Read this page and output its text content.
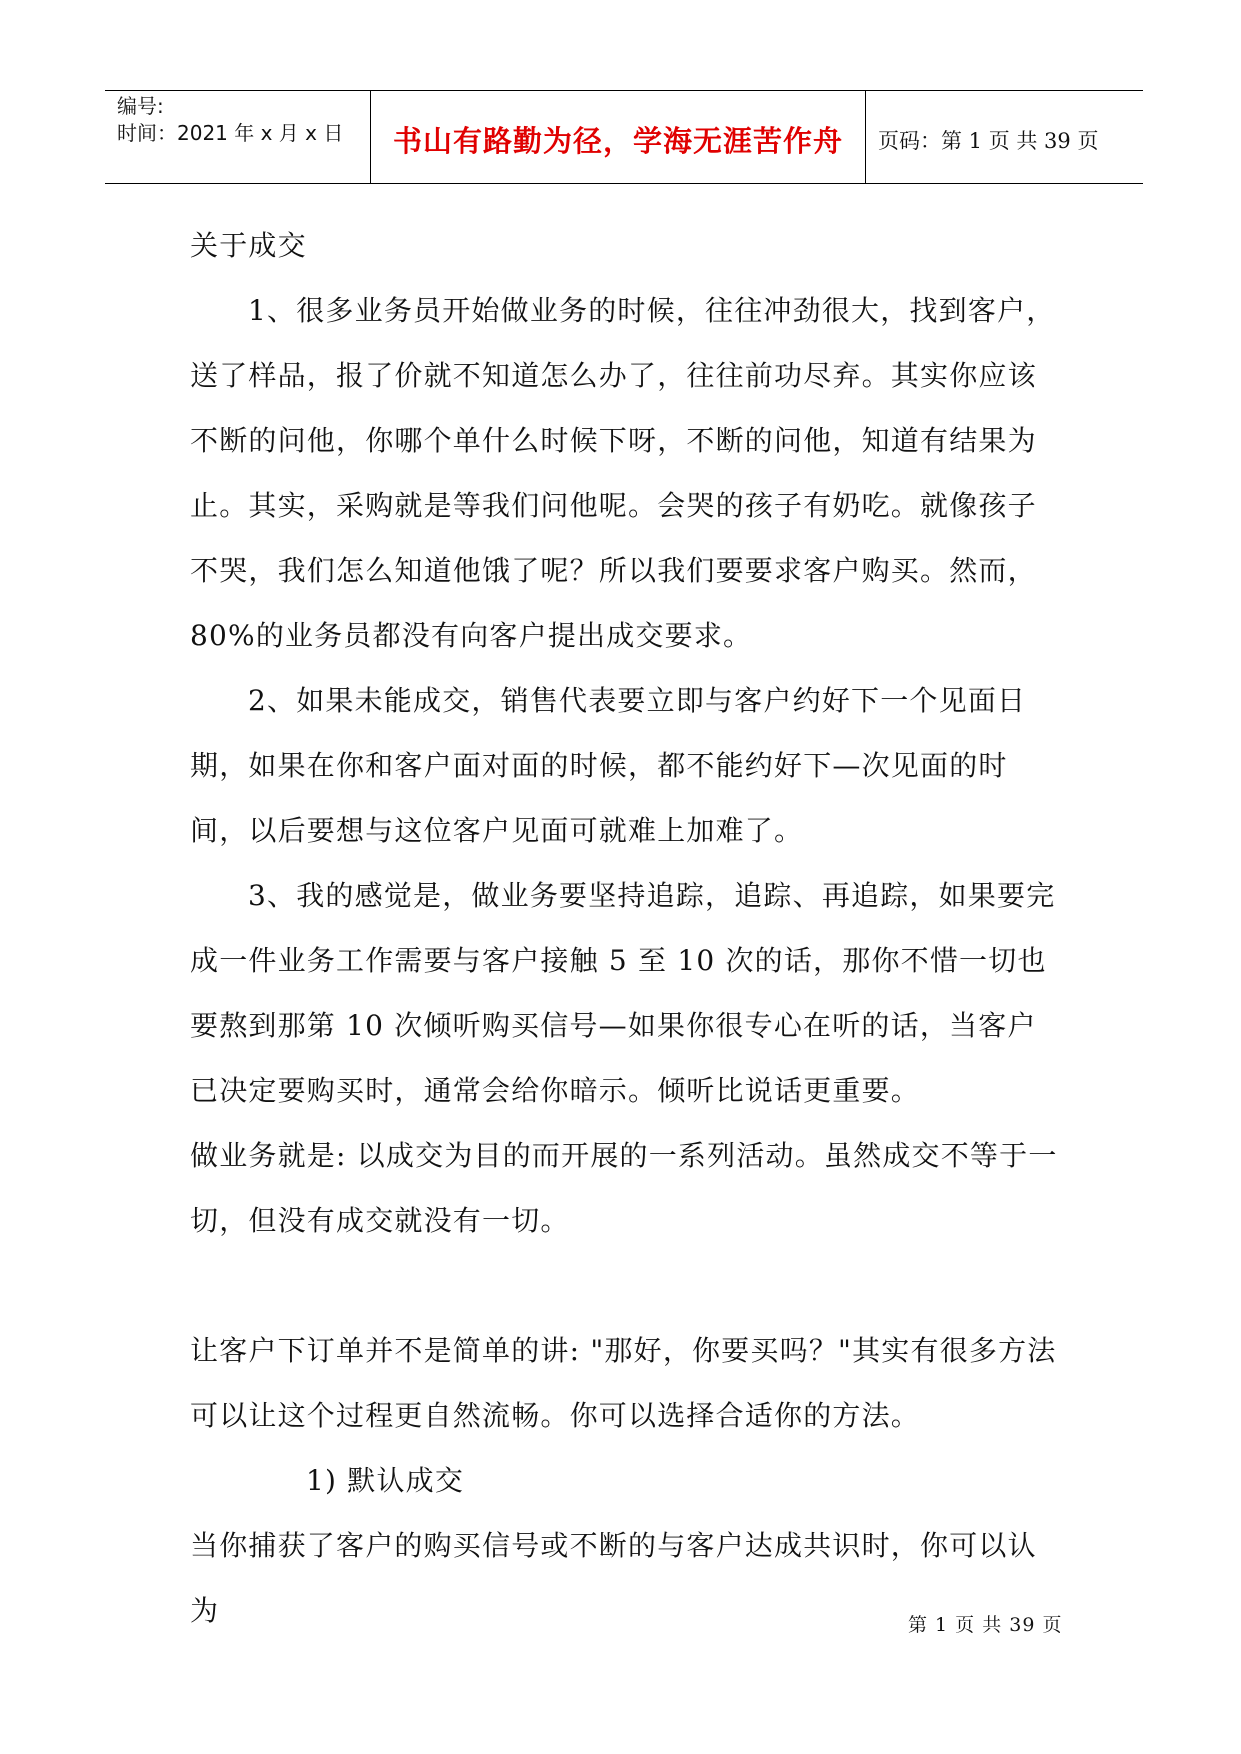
编号:
时间：2021 年 x 月 x 日	书山有路勤为径，学海无涯苦作舟	页码：第 1 页 共 39 页

关于成交

1、很多业务员开始做业务的时候，往往冲劲很大，找到客户，送了样品，报了价就不知道怎么办了，往往前功尽弃。其实你应该不断的问他，你哪个单什么时候下呀，不断的问他，知道有结果为止。其实，采购就是等我们问他呢。会哭的孩子有奶吃。就像孩子不哭，我们怎么知道他饿了呢？所以我们要要求客户购买。然而，80%的业务员都没有向客户提出成交要求。

2、如果未能成交，销售代表要立即与客户约好下一个见面日期，如果在你和客户面对面的时候，都不能约好下—次见面的时间，以后要想与这位客户见面可就难上加难了。

3、我的感觉是，做业务要坚持追踪，追踪、再追踪，如果要完成一件业务工作需要与客户接触 5 至 10 次的话，那你不惜一切也要熬到那第 10 次倾听购买信号—如果你很专心在听的话，当客户已决定要购买时，通常会给你暗示。倾听比说话更重要。

做业务就是: 以成交为目的而开展的一系列活动。虽然成交不等于一切，但没有成交就没有一切。

让客户下订单并不是简单的讲: "那好，你要买吗？"其实有很多方法可以让这个过程更自然流畅。你可以选择合适你的方法。

1) 默认成交

当你捕获了客户的购买信号或不断的与客户达成共识时，你可以认为	第 1 页 共 39 页
